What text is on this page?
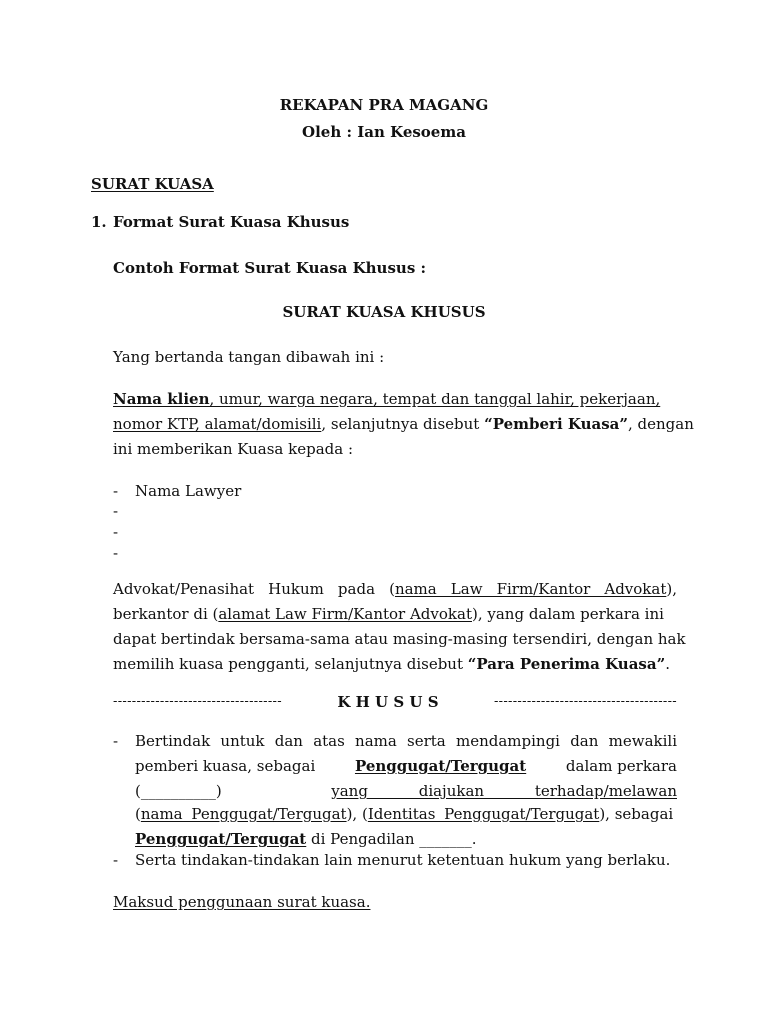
REKAPAN PRA MAGANG
Oleh : Ian Kesoema
SURAT KUASA
1. Format Surat Kuasa Khusus
Contoh Format Surat Kuasa Khusus :
SURAT KUASA KHUSUS
Yang bertanda tangan dibawah ini :
Nama klien, umur, warga negara, tempat dan tanggal lahir, pekerjaan,
nomor KTP, alamat/domisili, selanjutnya disebut “Pemberi Kuasa”, dengan
ini memberikan Kuasa kepada :
- Nama Lawyer
-
-
-
Advokat/Penasihat Hukum pada (nama Law Firm/Kantor Advokat),
berkantor di (alamat Law Firm/Kantor Advokat), yang dalam perkara ini
dapat bertindak bersama-sama atau masing-masing tersendiri, dengan hak
memilih kuasa pengganti, selanjutnya disebut “Para Penerima Kuasa”.
------------------------------------	K H U S U S	---------------------------------------
- Bertindak untuk dan atas nama serta mendampingi dan mewakili
pemberi kuasa, sebagai	Penggugat/Tergugat	dalam perkara
(__________)	yang diajukan terhadap/melawan
(nama Penggugat/Tergugat), (Identitas Penggugat/Tergugat), sebagai
Penggugat/Tergugat di Pengadilan _______.
- Serta tindakan-tindakan lain menurut ketentuan hukum yang berlaku.
Maksud penggunaan surat kuasa.
